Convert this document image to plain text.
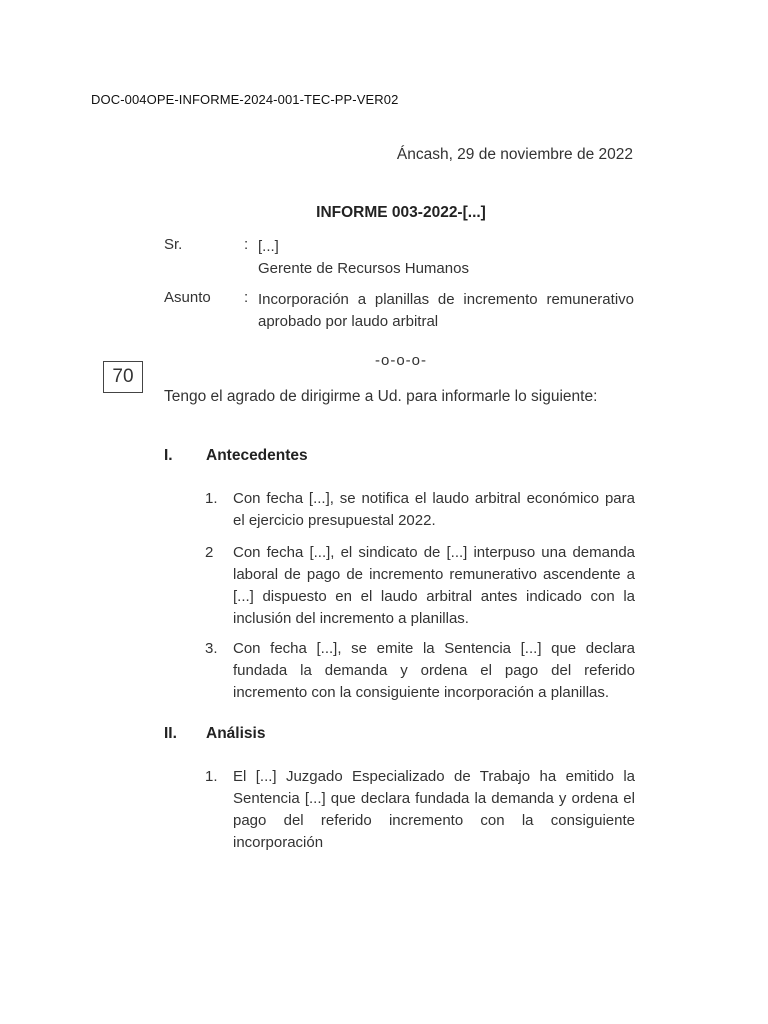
DOC-004OPE-INFORME-2024-001-TEC-PP-VER02
Áncash, 29 de noviembre de 2022
INFORME 003-2022-[...]
Sr.	: [...]
Gerente de Recursos Humanos
Asunto	: Incorporación a planillas de incremento remunerativo aprobado por laudo arbitral
-o-o-o-
70
Tengo el agrado de dirigirme a Ud. para informarle lo siguiente:
I.	Antecedentes
1.	Con fecha [...], se notifica el laudo arbitral económico para el ejercicio presupuestal 2022.
2	Con fecha [...], el sindicato de [...] interpuso una demanda laboral de pago de incremento remunerativo ascendente a [...] dispuesto en el laudo arbitral antes indicado con la inclusión del incremento a planillas.
3.	Con fecha [...], se emite la Sentencia [...] que declara fundada la demanda y ordena el pago del referido incremento con la consiguiente incorporación a planillas.
II.	Análisis
1.	El [...] Juzgado Especializado de Trabajo ha emitido la Sentencia [...] que declara fundada la demanda y ordena el pago del referido incremento con la consiguiente incorporación
